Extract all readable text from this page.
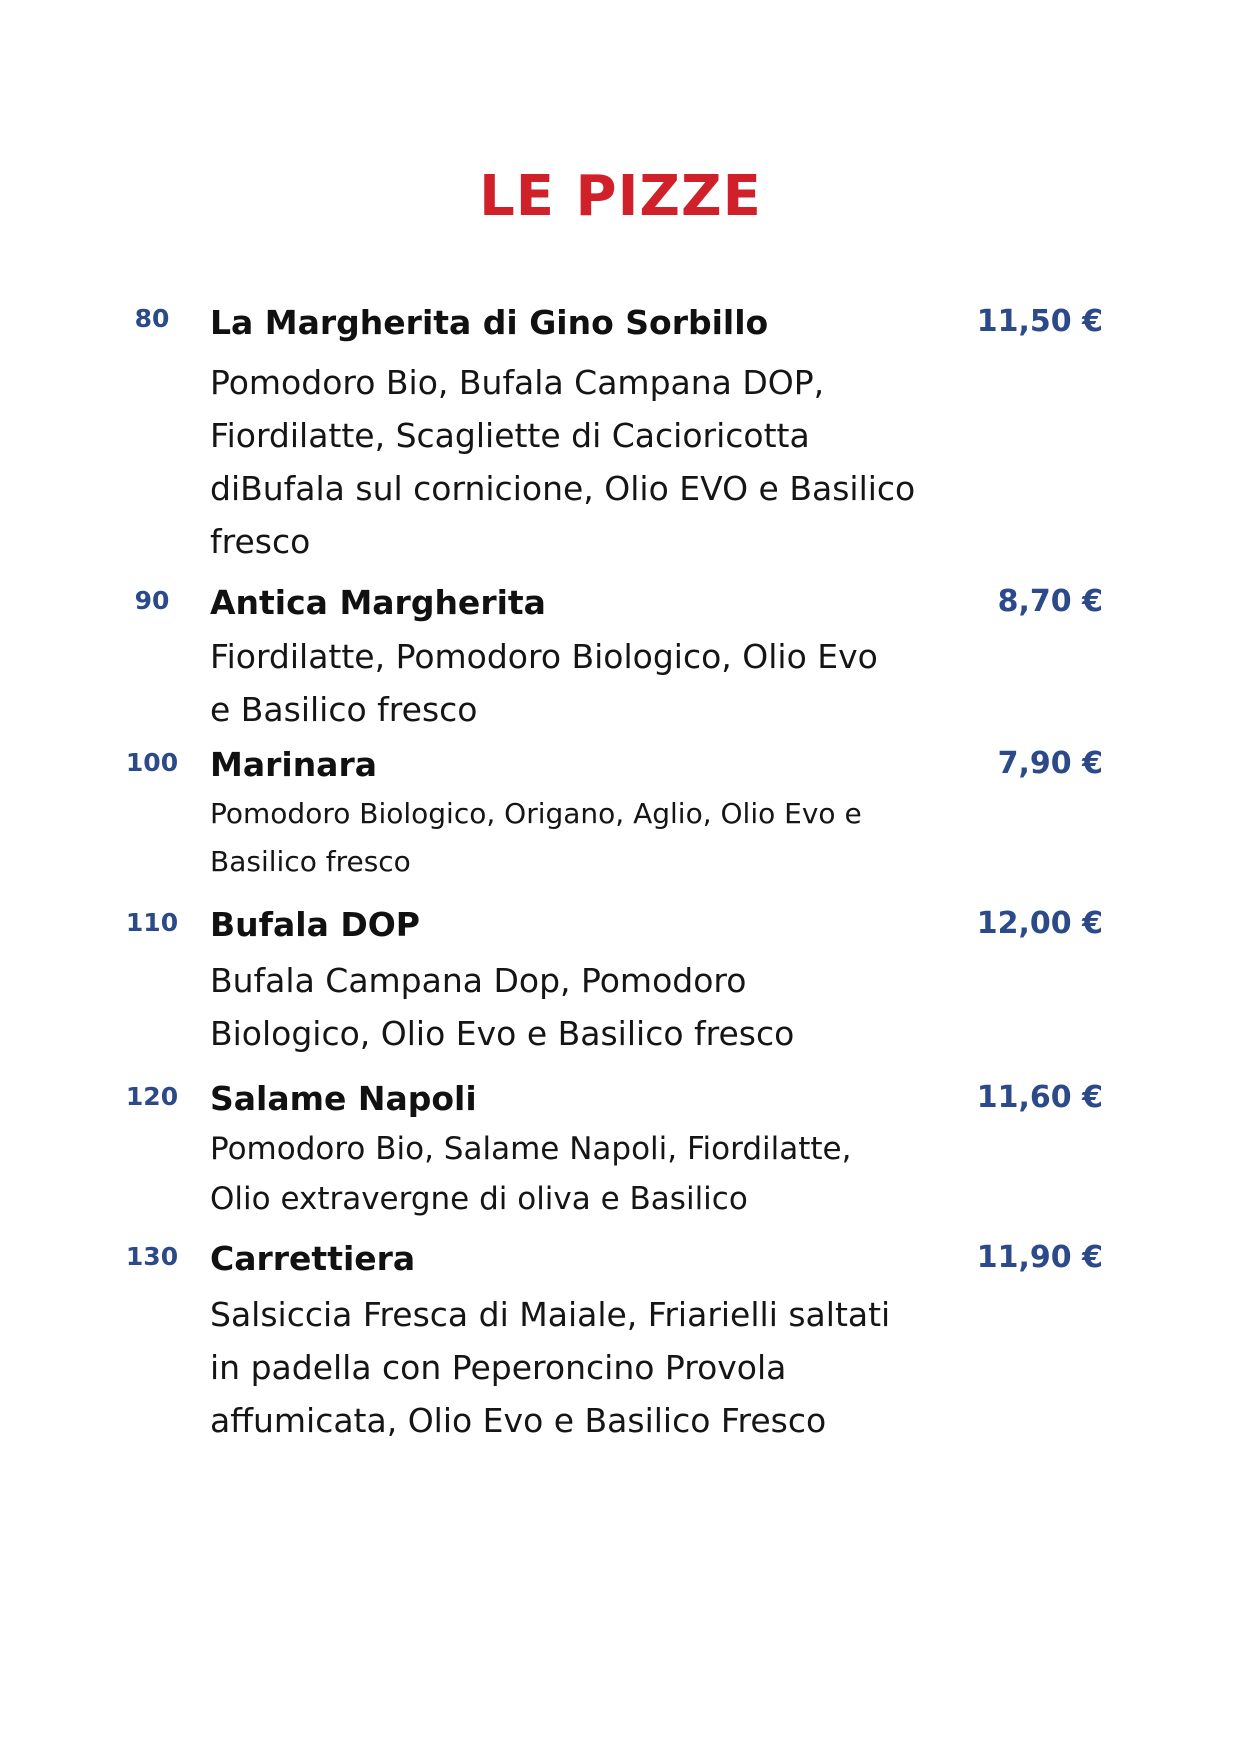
LE PIZZE
80	La Margherita di Gino Sorbillo	11,50 €

Pomodoro Bio, Bufala Campana DOP,
Fiordilatte, Scagliette di Cacioricotta
diBufala sul cornicione, Olio EVO e Basilico
fresco

90	Antica Margherita	8,70 €

Fiordilatte, Pomodoro Biologico, Olio Evo
e Basilico fresco

100 Marinara	7,90 €

Pomodoro Biologico, Origano, Aglio, Olio Evo e
Basilico fresco

110 Bufala DOP	12,00 €

Bufala Campana Dop, Pomodoro
Biologico, Olio Evo e Basilico fresco

120 Salame Napoli	11,60 €

Pomodoro Bio, Salame Napoli, Fiordilatte,
Olio extravergne di oliva e Basilico

130 Carrettiera	11,90 €

Salsiccia Fresca di Maiale, Friarielli saltati
in padella con Peperoncino Provola
affumicata, Olio Evo e Basilico Fresco
